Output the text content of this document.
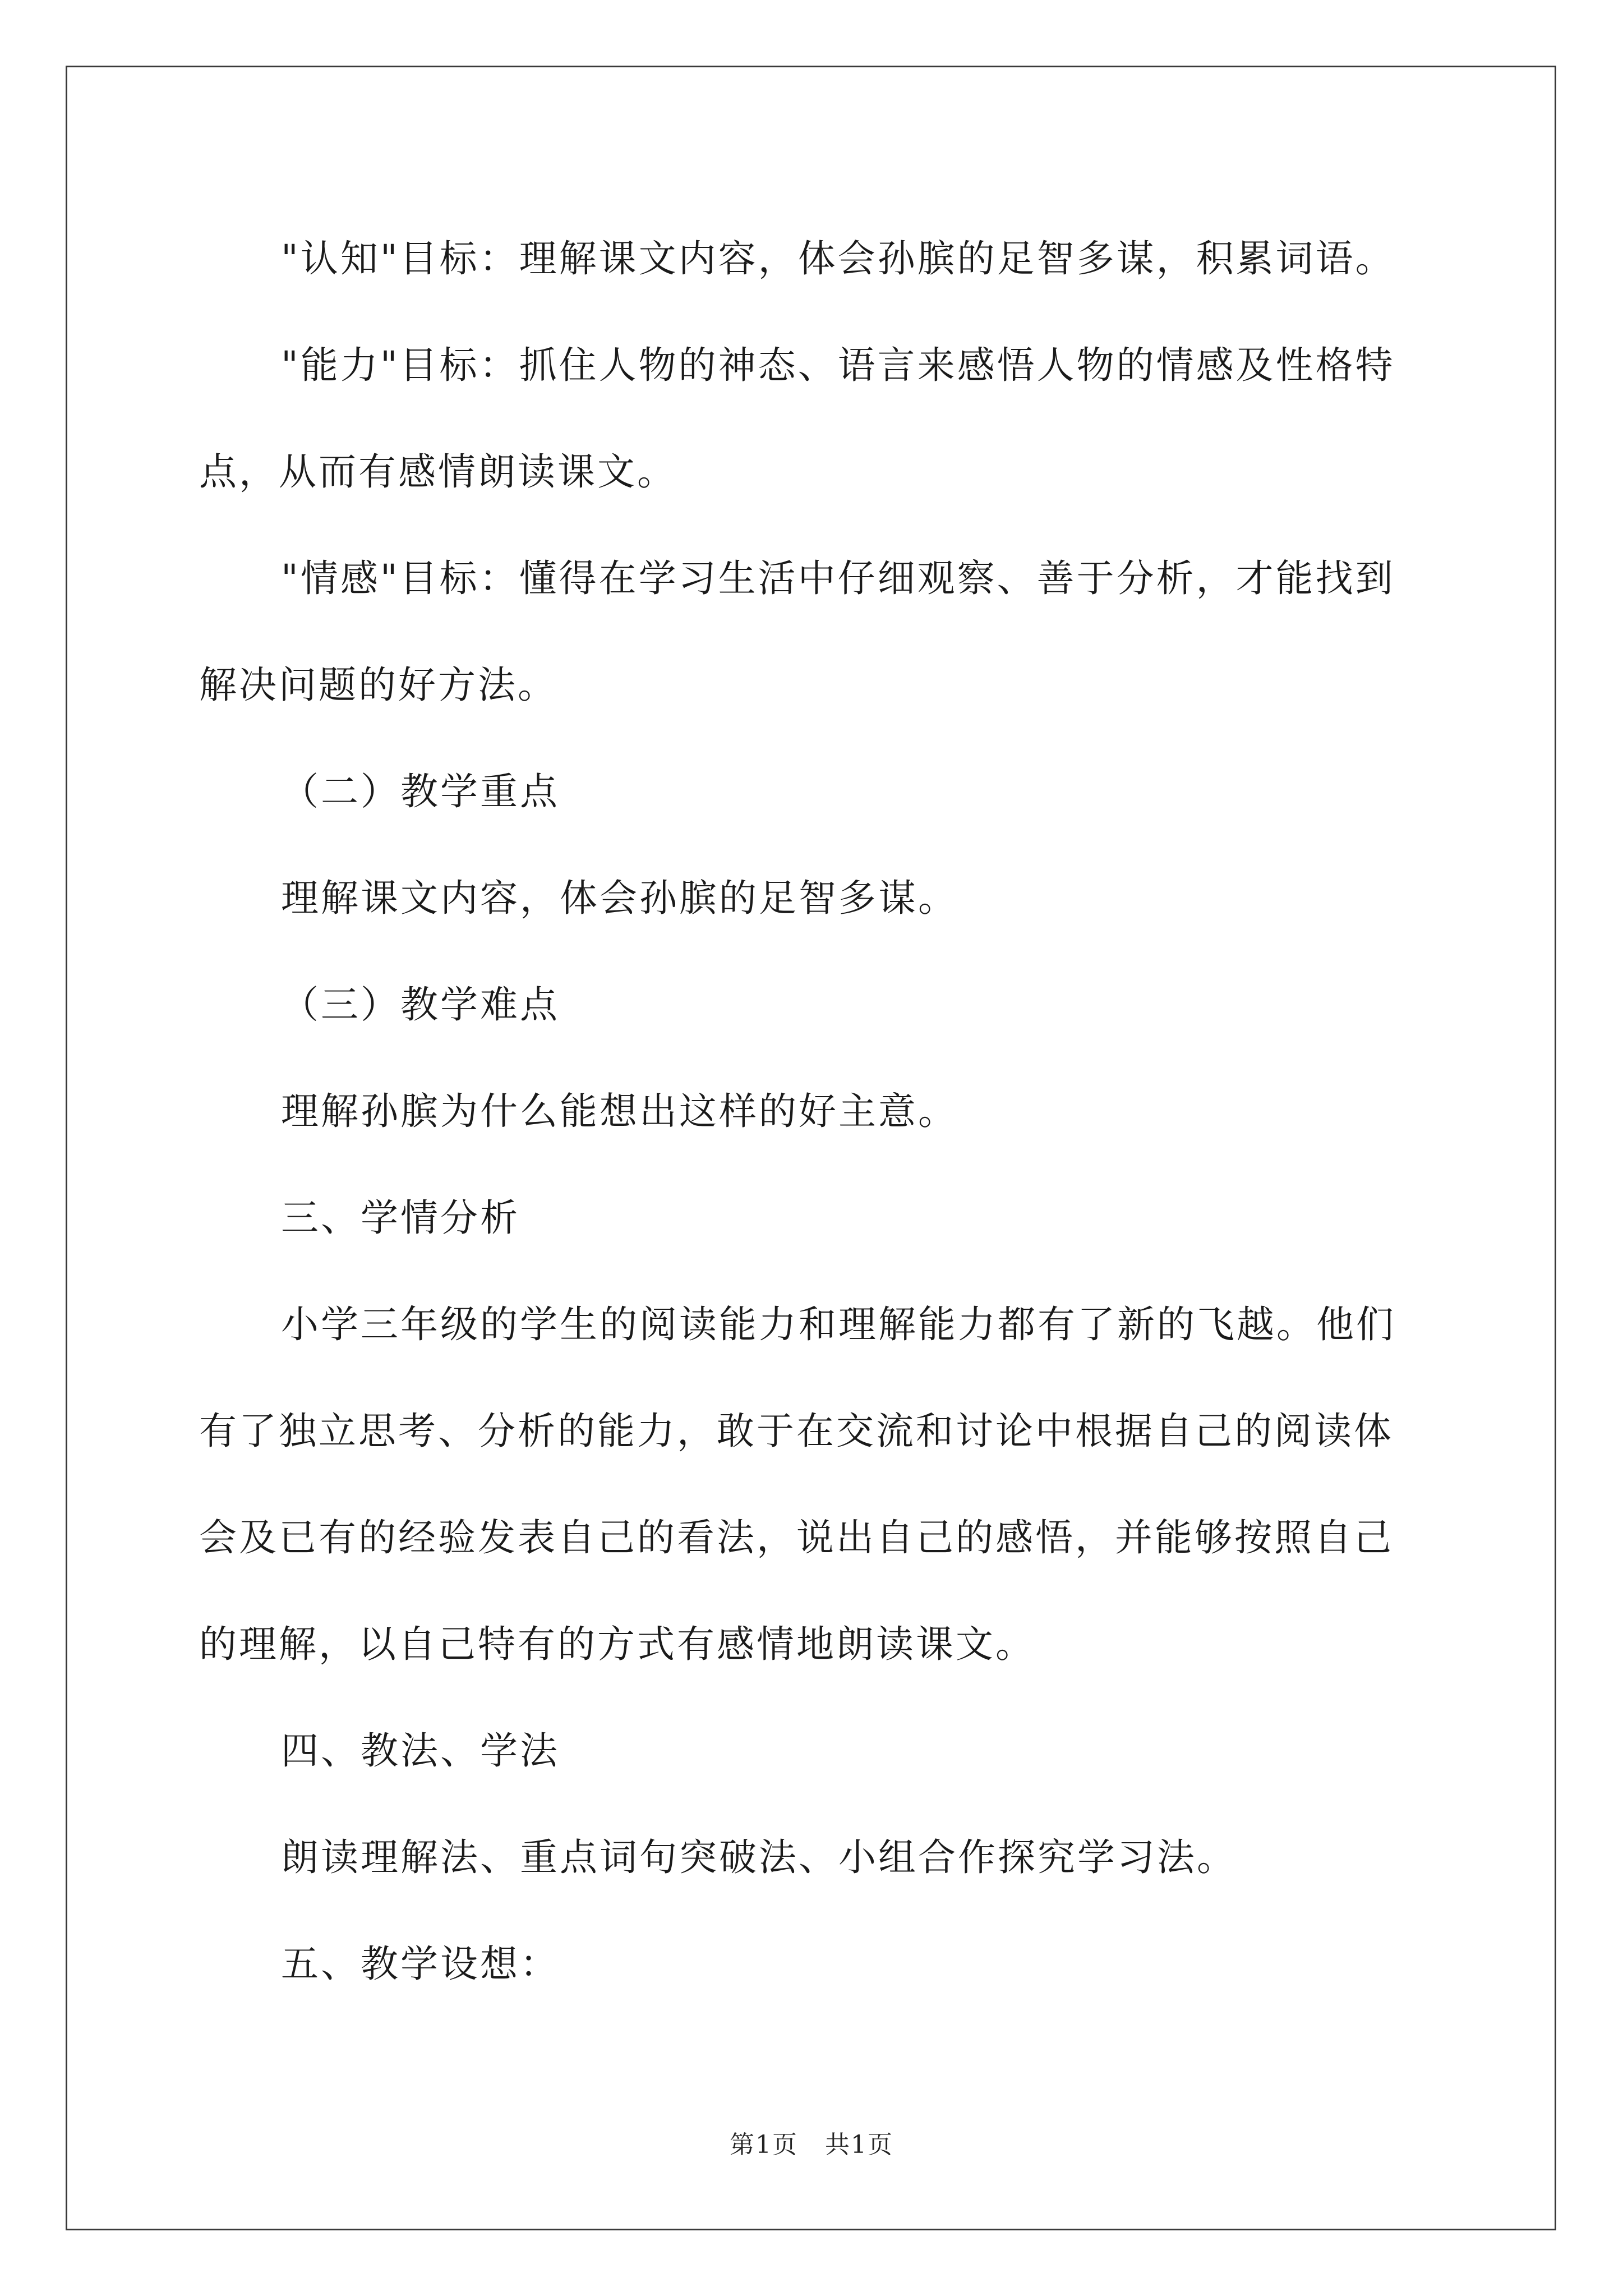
"认知"目标：理解课文内容，体会孙膑的足智多谋，积累词语。

"能力"目标：抓住人物的神态、语言来感悟人物的情感及性格特点，从而有感情朗读课文。

"情感"目标：懂得在学习生活中仔细观察、善于分析，才能找到解决问题的好方法。

（二）教学重点

理解课文内容，体会孙膑的足智多谋。

（三）教学难点

理解孙膑为什么能想出这样的好主意。

三、学情分析

小学三年级的学生的阅读能力和理解能力都有了新的飞越。他们有了独立思考、分析的能力，敢于在交流和讨论中根据自己的阅读体会及已有的经验发表自己的看法，说出自己的感悟，并能够按照自己的理解，以自己特有的方式有感情地朗读课文。

四、教法、学法

朗读理解法、重点词句突破法、小组合作探究学习法。

五、教学设想：

第1页 共1页
